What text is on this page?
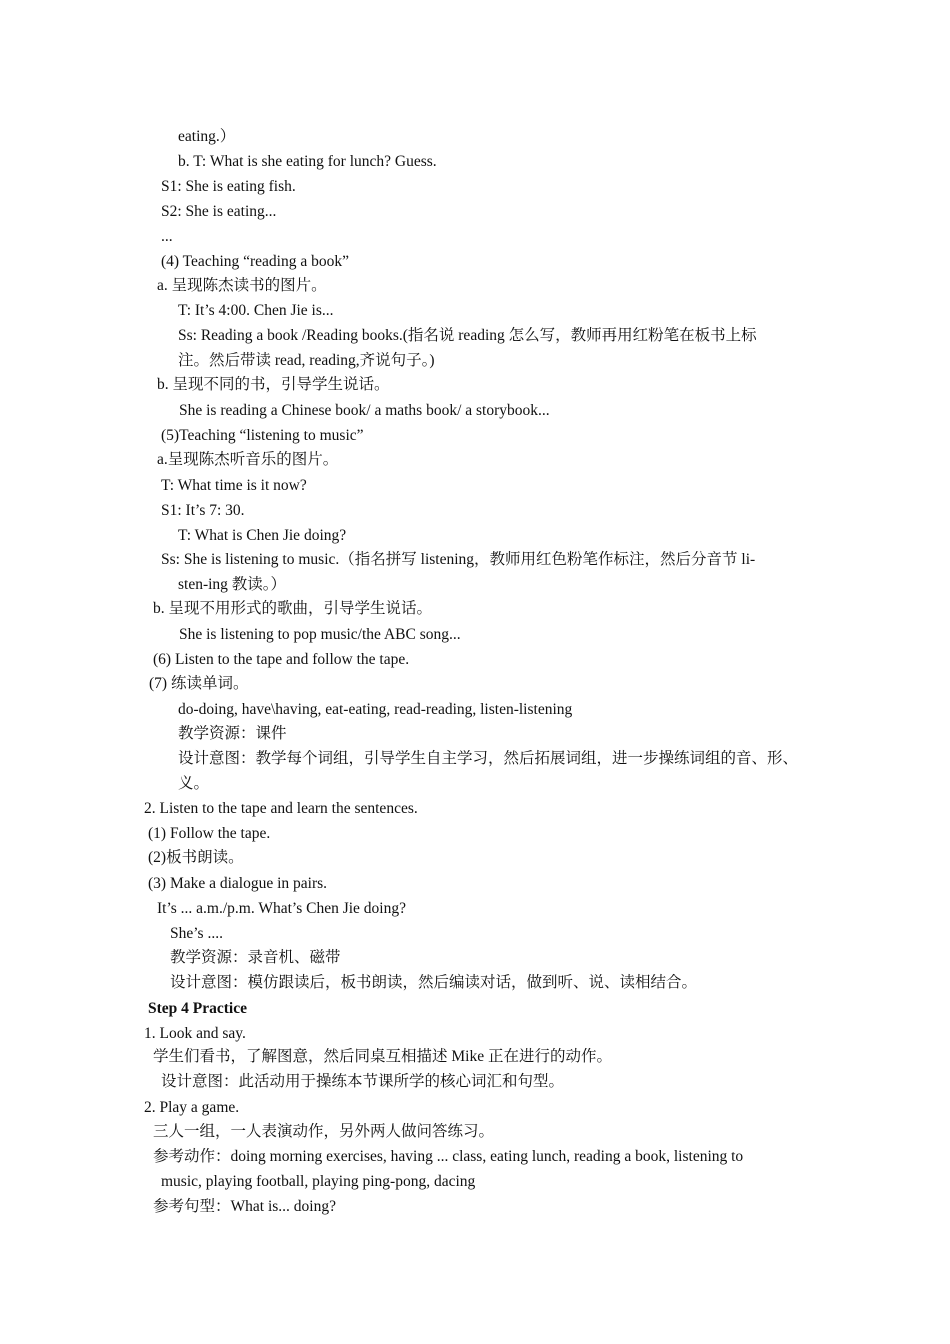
eating.）
b. T: What is she eating for lunch? Guess.
S1: She is eating fish.
S2: She is eating...
...
(4) Teaching “reading a book”
a. 呈现陈杰读书的图片。
T: It’s 4:00. Chen Jie is...
Ss: Reading a book /Reading books.(指名说 reading 怎么写，教师再用红粉笔在板书上标
注。然后带读 read, reading,齐说句子。)
b. 呈现不同的书，引导学生说话。
She is reading a Chinese book/ a maths book/ a storybook...
(5)Teaching “listening to music”
a.呈现陈杰听音乐的图片。
T: What time is it now?
S1: It’s 7: 30.
T: What is Chen Jie doing?
Ss: She is listening to music.（指名拼写 listening，教师用红色粉笔作标注，然后分音节 li-
sten-ing 教读。）
b. 呈现不用形式的歌曲，引导学生说话。
She is listening to pop music/the ABC song...
(6) Listen to the tape and follow the tape.
(7) 练读单词。
do-doing, have\having, eat-eating, read-reading, listen-listening
教学资源：课件
设计意图：教学每个词组，引导学生自主学习，然后拓展词组，进一步操练词组的音、形、
义。
2. Listen to the tape and learn the sentences.
(1) Follow the tape.
(2)板书朗读。
(3) Make a dialogue in pairs.
It’s ... a.m./p.m. What’s Chen Jie doing?
She’s ....
教学资源：录音机、磁带
设计意图：模仿跟读后，板书朗读，然后编读对话，做到听、说、读相结合。
Step 4 Practice
1. Look and say.
学生们看书，了解图意，然后同桌互相描述 Mike 正在进行的动作。
设计意图：此活动用于操练本节课所学的核心词汇和句型。
2. Play a game.
三人一组，一人表演动作，另外两人做问答练习。
参考动作：doing morning exercises, having ... class, eating lunch, reading a book, listening to
music, playing football, playing ping-pong, dacing
参考句型：What is... doing?
